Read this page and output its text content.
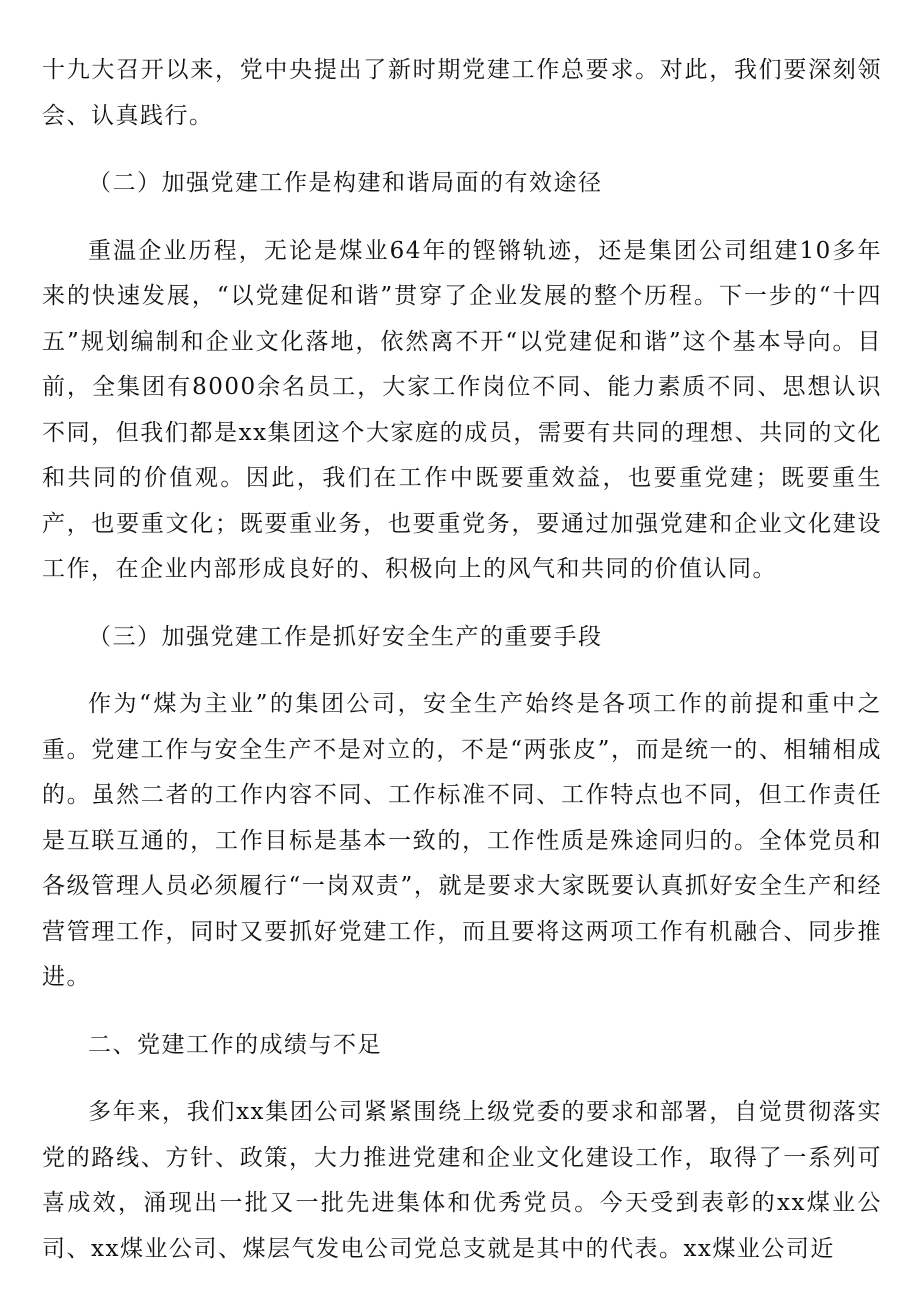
十九大召开以来，党中央提出了新时期党建工作总要求。对此，我们要深刻领会、认真践行。

（二）加强党建工作是构建和谐局面的有效途径

重温企业历程，无论是煤业64年的铿锵轨迹，还是集团公司组建10多年来的快速发展，“以党建促和谐”贯穿了企业发展的整个历程。下一步的“十四五”规划编制和企业文化落地，依然离不开“以党建促和谐”这个基本导向。目前，全集团有8000余名员工，大家工作岗位不同、能力素质不同、思想认识不同，但我们都是xx集团这个大家庭的成员，需要有共同的理想、共同的文化和共同的价值观。因此，我们在工作中既要重效益，也要重党建；既要重生产，也要重文化；既要重业务，也要重党务，要通过加强党建和企业文化建设工作，在企业内部形成良好的、积极向上的风气和共同的价值认同。

（三）加强党建工作是抓好安全生产的重要手段

作为“煤为主业”的集团公司，安全生产始终是各项工作的前提和重中之重。党建工作与安全生产不是对立的，不是“两张皮”，而是统一的、相辅相成的。虽然二者的工作内容不同、工作标准不同、工作特点也不同，但工作责任是互联互通的，工作目标是基本一致的，工作性质是殊途同归的。全体党员和各级管理人员必须履行“一岗双责”，就是要求大家既要认真抓好安全生产和经营管理工作，同时又要抓好党建工作，而且要将这两项工作有机融合、同步推进。

二、党建工作的成绩与不足

多年来，我们xx集团公司紧紧围绕上级党委的要求和部署，自觉贯彻落实党的路线、方针、政策，大力推进党建和企业文化建设工作，取得了一系列可喜成效，涌现出一批又一批先进集体和优秀党员。今天受到表彰的xx煤业公司、xx煤业公司、煤层气发电公司党总支就是其中的代表。xx煤业公司近
